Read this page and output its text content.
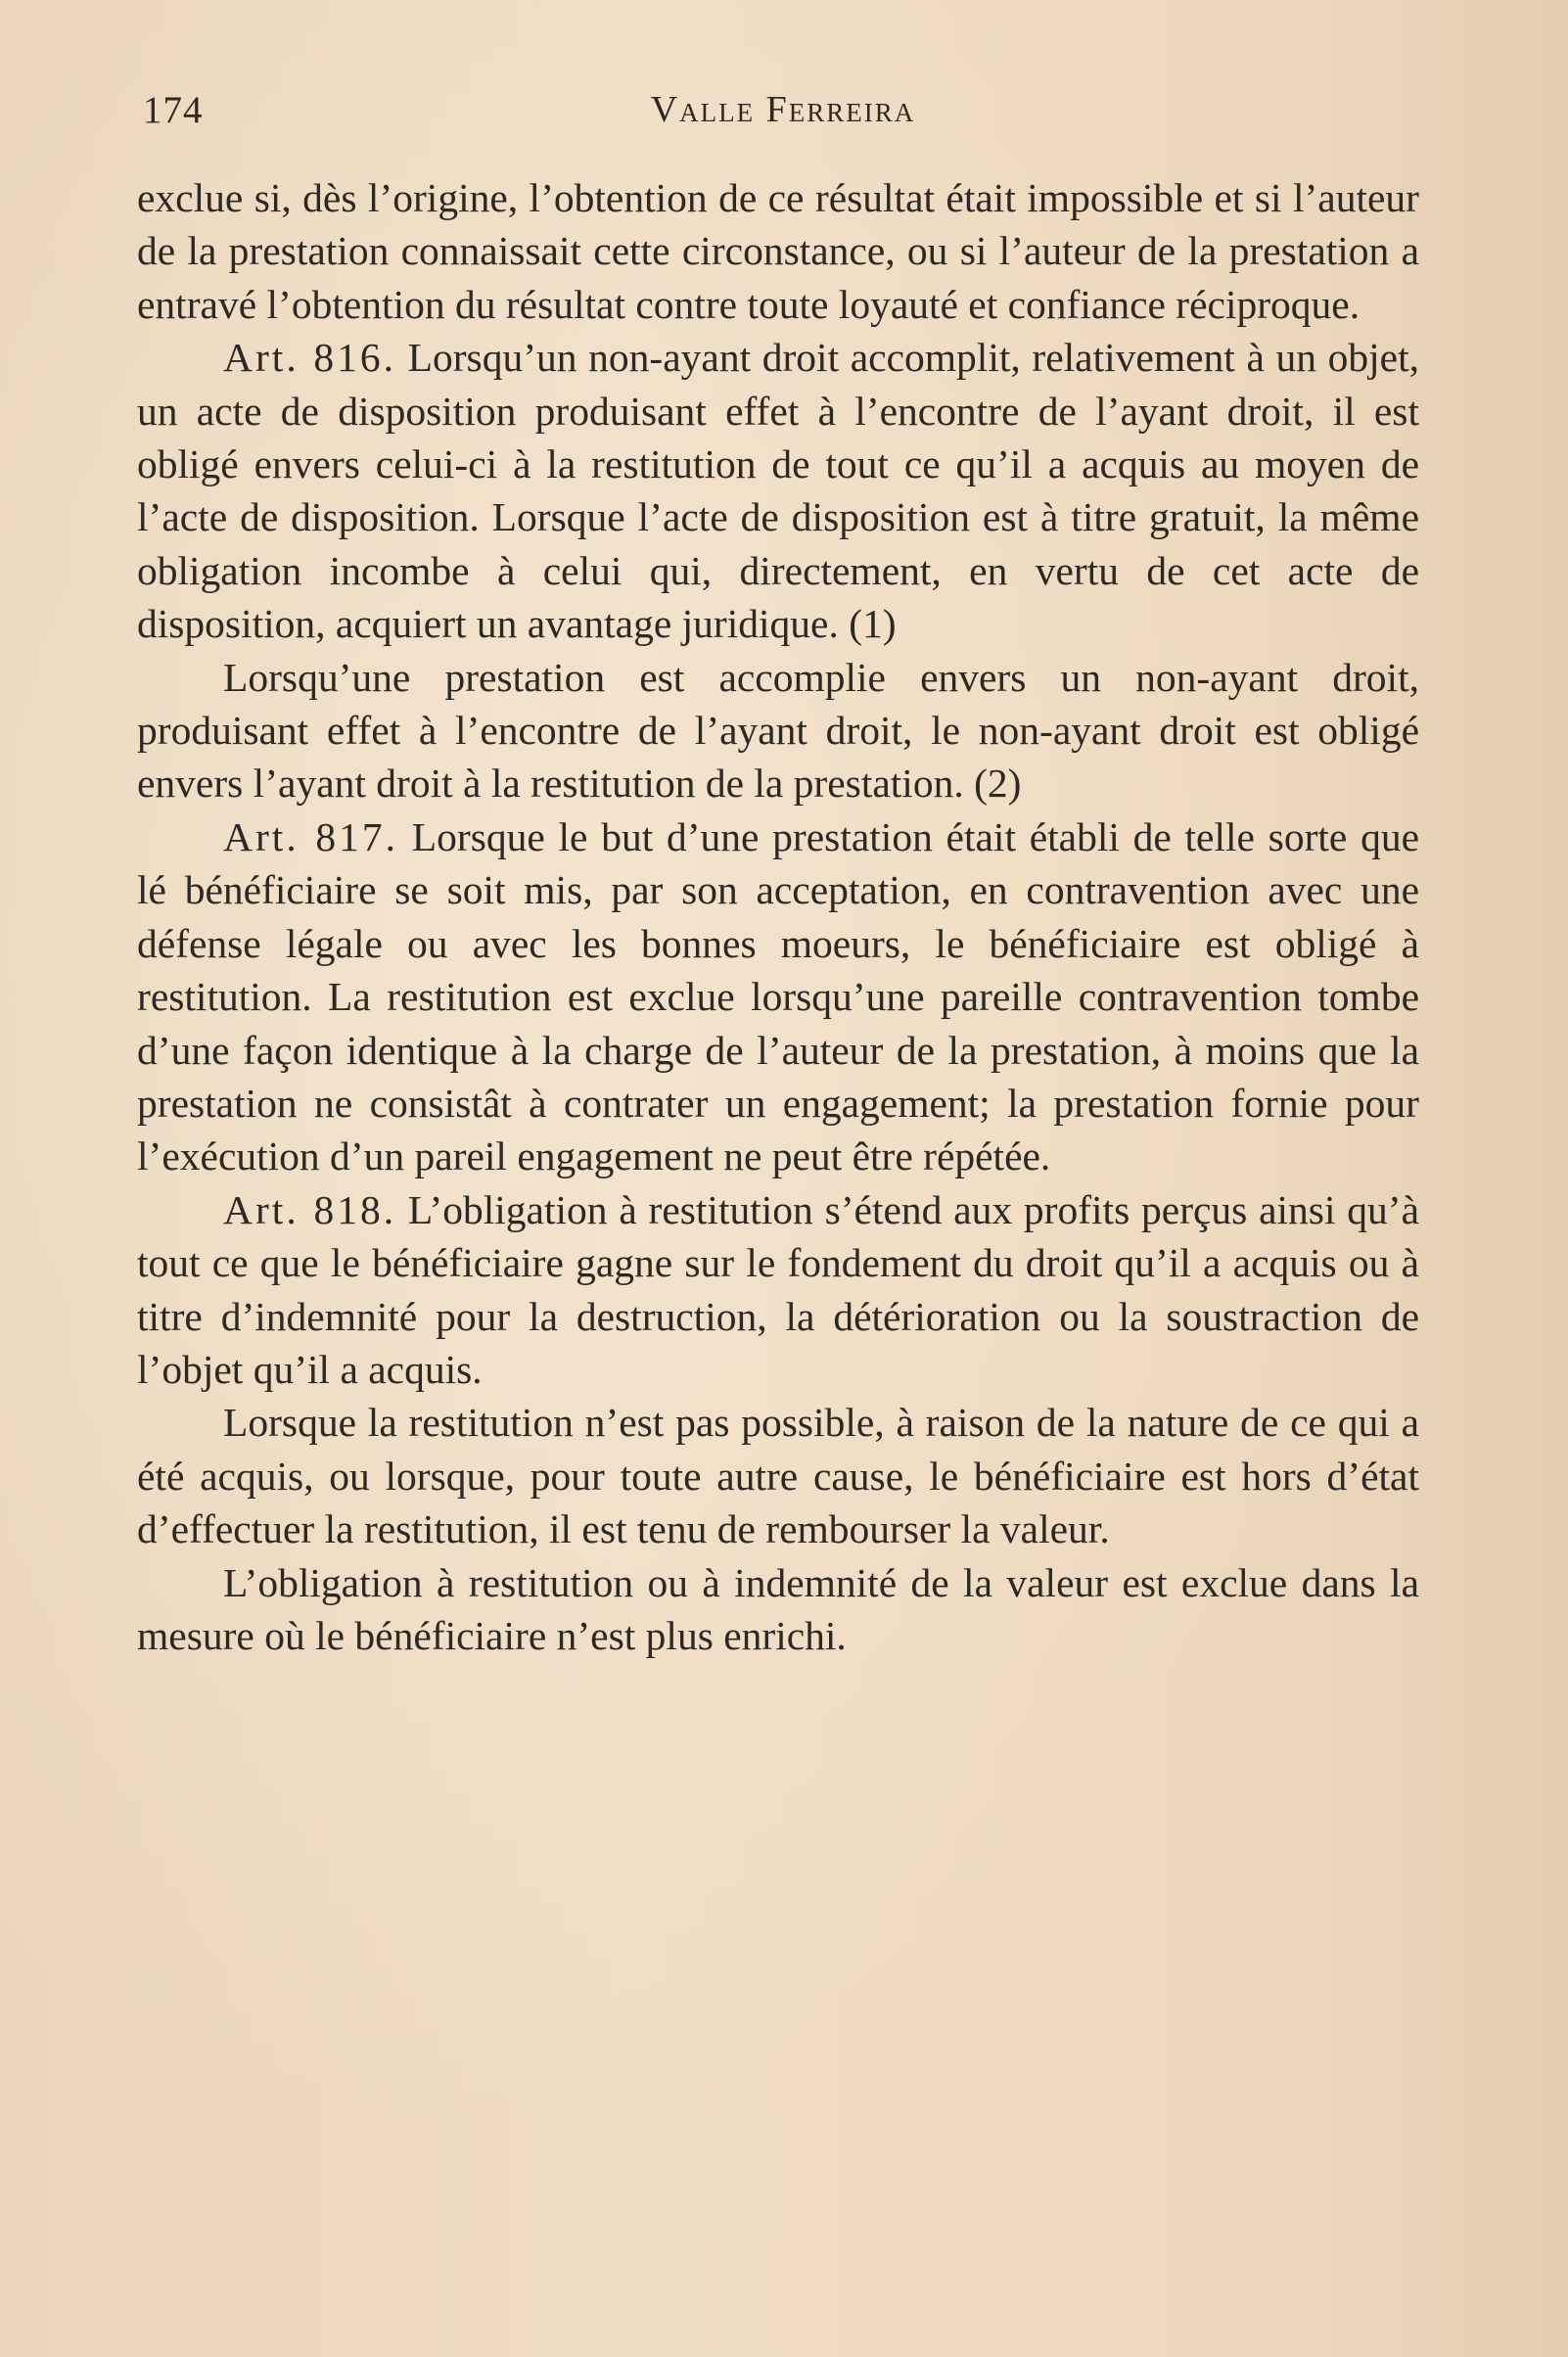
174	Valle Ferreira

exclue si, dès l’origine, l’obtention de ce résultat était impossible et si l’auteur de la prestation connaissait cette circonstance, ou si l’auteur de la prestation a entravé l’obtention du résultat contre toute loyauté et confiance réciproque.

Art. 816. Lorsqu’un non-ayant droit accomplit, relativement à un objet, un acte de disposition produisant effet à l’encontre de l’ayant droit, il est obligé envers celui-ci à la restitution de tout ce qu’il a acquis au moyen de l’acte de disposition. Lorsque l’acte de disposition est à titre gratuit, la même obligation incombe à celui qui, directement, en vertu de cet acte de disposition, acquiert un avantage juridique. (1)

Lorsqu’une prestation est accomplie envers un non-ayant droit, produisant effet à l’encontre de l’ayant droit, le non-ayant droit est obligé envers l’ayant droit à la restitution de la prestation. (2)

Art. 817. Lorsque le but d’une prestation était établi de telle sorte que lé bénéficiaire se soit mis, par son acceptation, en contravention avec une défense légale ou avec les bonnes moeurs, le bénéficiaire est obligé à restitution. La restitution est exclue lorsqu’une pareille contravention tombe d’une façon identique à la charge de l’auteur de la prestation, à moins que la prestation ne consistât à contrater un engagement; la prestation fornie pour l’exécution d’un pareil engagement ne peut être répétée.

Art. 818. L’obligation à restitution s’étend aux profits perçus ainsi qu’à tout ce que le bénéficiaire gagne sur le fondement du droit qu’il a acquis ou à titre d’indemnité pour la destruction, la détérioration ou la soustraction de l’objet qu’il a acquis.

Lorsque la restitution n’est pas possible, à raison de la nature de ce qui a été acquis, ou lorsque, pour toute autre cause, le bénéficiaire est hors d’état d’effectuer la restitution, il est tenu de rembourser la valeur.

L’obligation à restitution ou à indemnité de la valeur est exclue dans la mesure où le bénéficiaire n’est plus enrichi.
